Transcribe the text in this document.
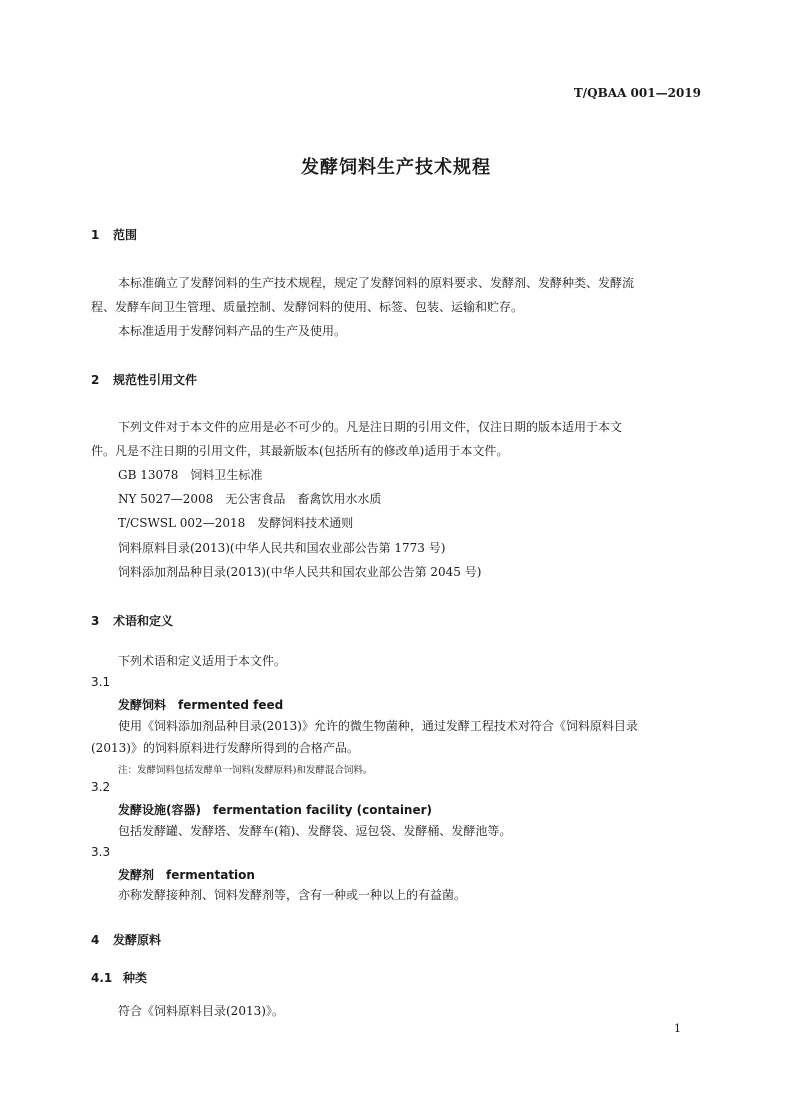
T/QBAA 001—2019
发酵饲料生产技术规程
1 范围
本标准确立了发酵饲料的生产技术规程，规定了发酵饲料的原料要求、发酵剂、发酵种类、发酵流
程、发酵车间卫生管理、质量控制、发酵饲料的使用、标签、包装、运输和贮存。
本标准适用于发酵饲料产品的生产及使用。
2 规范性引用文件
下列文件对于本文件的应用是必不可少的。凡是注日期的引用文件，仅注日期的版本适用于本文
件。凡是不注日期的引用文件，其最新版本(包括所有的修改单)适用于本文件。
GB 13078　饲料卫生标准
NY 5027—2008　无公害食品　畜禽饮用水水质
T/CSWSL 002—2018　发酵饲料技术通则
饲料原料目录(2013)(中华人民共和国农业部公告第 1773 号)
饲料添加剂品种目录(2013)(中华人民共和国农业部公告第 2045 号)
3 术语和定义
下列术语和定义适用于本文件。
3.1
发酵饲料 fermented feed
使用《饲料添加剂品种目录(2013)》允许的微生物菌种，通过发酵工程技术对符合《饲料原料目录
(2013)》的饲料原料进行发酵所得到的合格产品。
注：发酵饲料包括发酵单一饲料(发酵原料)和发酵混合饲料。
3.2
发酵设施(容器) fermentation facility (container)
包括发酵罐、发酵塔、发酵车(箱)、发酵袋、逗包袋、发酵桶、发酵池等。
3.3
发酵剂 fermentation
亦称发酵接种剂、饲料发酵剂等，含有一种或一种以上的有益菌。
4 发酵原料
4.1 种类
符合《饲料原料目录(2013)》。
1
